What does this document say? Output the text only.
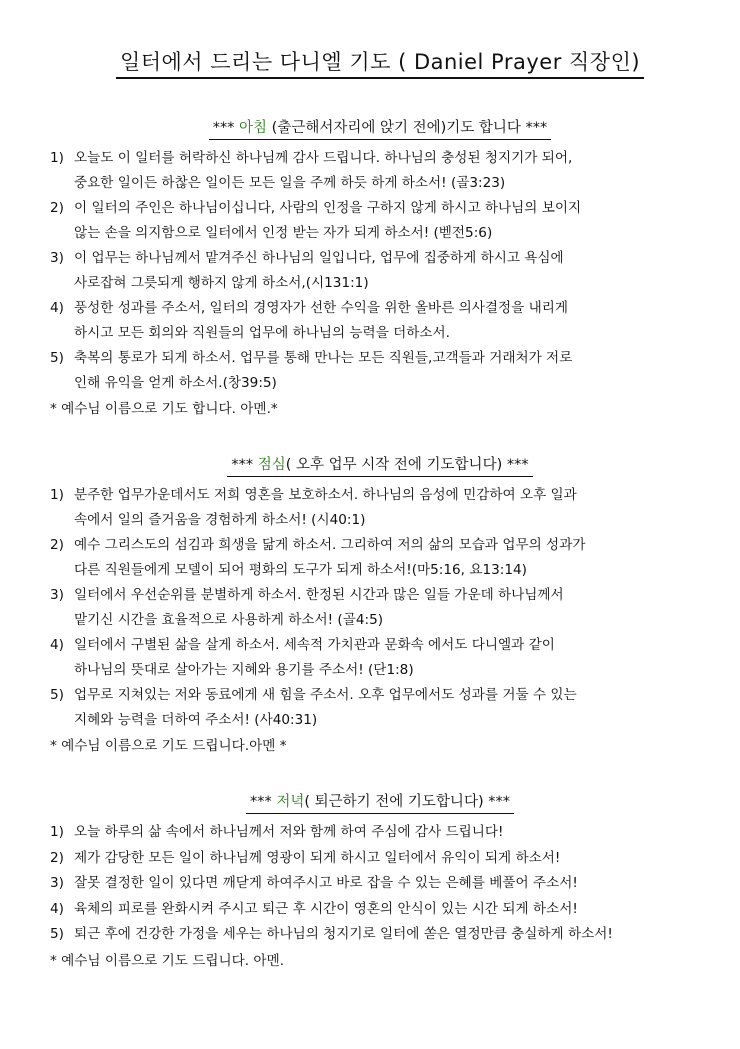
일터에서 드리는 다니엘 기도 ( Daniel Prayer 직장인)
*** 아침 (출근해서자리에 앉기 전에)기도 합니다 ***
1) 오늘도 이 일터를 허락하신 하나님께 감사 드립니다. 하나님의 충성된 청지기가 되어,
중요한 일이든 하찮은 일이든 모든 일을 주께 하듯 하게 하소서! (골3:23)
2) 이 일터의 주인은 하나님이십니다, 사람의 인정을 구하지 않게 하시고 하나님의 보이지
않는 손을 의지함으로 일터에서 인정 받는 자가 되게 하소서! (벧전5:6)
3) 이 업무는 하나님께서 맡겨주신 하나님의 일입니다, 업무에 집중하게 하시고 욕심에
사로잡혀 그릇되게 행하지 않게 하소서,(시131:1)
4) 풍성한 성과를 주소서, 일터의 경영자가 선한 수익을 위한 올바른 의사결정을 내리게
하시고 모든 회의와 직원들의 업무에 하나님의 능력을 더하소서.
5) 축복의 통로가 되게 하소서. 업무를 통해 만나는 모든 직원들,고객들과 거래처가 저로
인해 유익을 얻게 하소서.(창39:5)
* 예수님 이름으로 기도 합니다. 아멘.*
*** 점심( 오후 업무 시작 전에 기도합니다) ***
1) 분주한 업무가운데서도 저희 영혼을 보호하소서. 하나님의 음성에 민감하여 오후 일과
속에서 일의 즐거움을 경험하게 하소서! (시40:1)
2) 예수 그리스도의 섬김과 희생을 닮게 하소서. 그리하여 저의 삶의 모습과 업무의 성과가
다른 직원들에게 모델이 되어 평화의 도구가 되게 하소서!(마5:16, 요13:14)
3) 일터에서 우선순위를 분별하게 하소서. 한정된 시간과 많은 일들 가운데 하나님께서
맡기신 시간을 효율적으로 사용하게 하소서! (골4:5)
4) 일터에서 구별된 삶을 살게 하소서. 세속적 가치관과 문화속 에서도 다니엘과 같이
하나님의 뜻대로 살아가는 지혜와 용기를 주소서! (단1:8)
5) 업무로 지쳐있는 저와 동료에게 새 힘을 주소서. 오후 업무에서도 성과를 거둘 수 있는
지혜와 능력을 더하여 주소서! (사40:31)
* 예수님 이름으로 기도 드립니다.아멘 *
*** 저녁( 퇴근하기 전에 기도합니다) ***
1) 오늘 하루의 삶 속에서 하나님께서 저와 함께 하여 주심에 감사 드립니다!
2) 제가 감당한 모든 일이 하나님께 영광이 되게 하시고 일터에서 유익이 되게 하소서!
3) 잘못 결정한 일이 있다면 깨닫게 하여주시고 바로 잡을 수 있는 은혜를 베풀어 주소서!
4) 육체의 피로를 완화시켜 주시고 퇴근 후 시간이 영혼의 안식이 있는 시간 되게 하소서!
5) 퇴근 후에 건강한 가정을 세우는 하나님의 청지기로 일터에 쏟은 열정만큼 충실하게 하소서!
* 예수님 이름으로 기도 드립니다. 아멘.
